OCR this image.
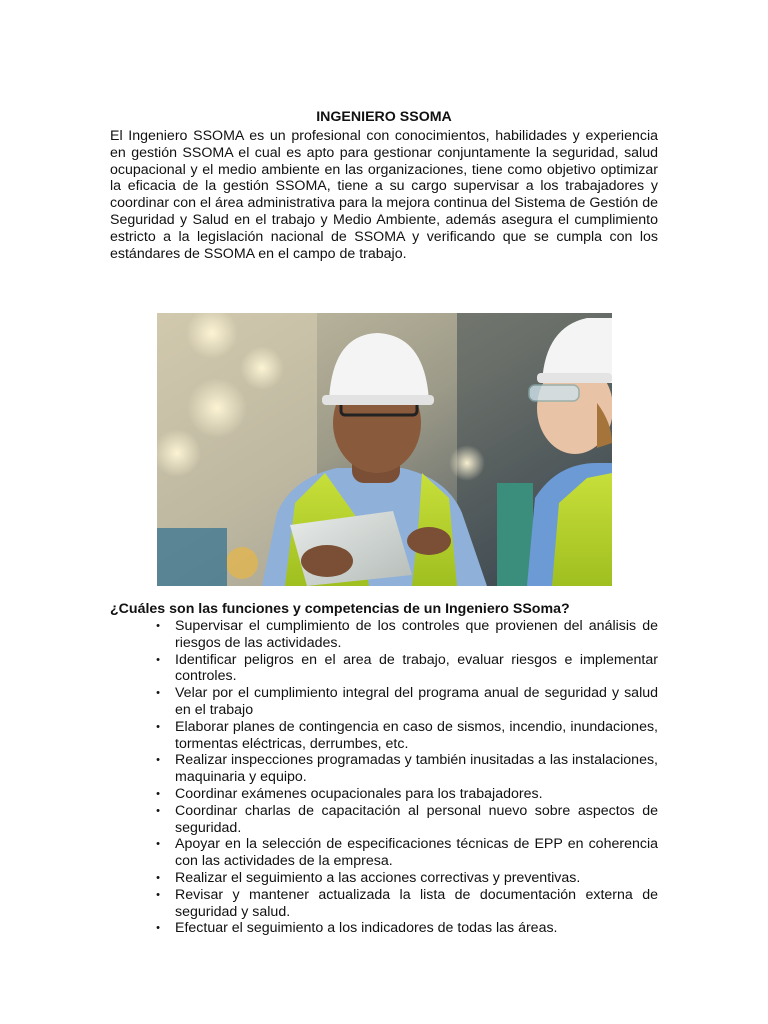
INGENIERO SSOMA

El Ingeniero SSOMA es un profesional con conocimientos, habilidades y experiencia en gestión SSOMA el cual es apto para gestionar conjuntamente la seguridad, salud ocupacional y el medio ambiente en las organizaciones, tiene como objetivo optimizar la eficacia de la gestión SSOMA, tiene a su cargo supervisar a los trabajadores y coordinar con el área administrativa para la mejora continua del Sistema de Gestión de Seguridad y Salud en el trabajo y Medio Ambiente, además asegura el cumplimiento estricto a la legislación nacional de SSOMA y verificando que se cumpla con los estándares de SSOMA en el campo de trabajo.

¿Cuáles son las funciones y competencias de un Ingeniero SSoma?

•	Supervisar el cumplimiento de los controles que provienen del análisis de riesgos de las actividades.
•	Identificar peligros en el area de trabajo, evaluar riesgos e implementar controles.
•	Velar por el cumplimiento integral del programa anual de seguridad y salud en el trabajo
•	Elaborar planes de contingencia en caso de sismos, incendio, inundaciones, tormentas eléctricas, derrumbes, etc.
•	Realizar inspecciones programadas y también inusitadas a las instalaciones, maquinaria y equipo.
•	Coordinar exámenes ocupacionales para los trabajadores.
•	Coordinar charlas de capacitación al personal nuevo sobre aspectos de seguridad.
•	Apoyar en la selección de especificaciones técnicas de EPP en coherencia con las actividades de la empresa.
•	Realizar el seguimiento a las acciones correctivas y preventivas.
•	Revisar y mantener actualizada la lista de documentación externa de seguridad y salud.
•	Efectuar el seguimiento a los indicadores de todas las áreas.
